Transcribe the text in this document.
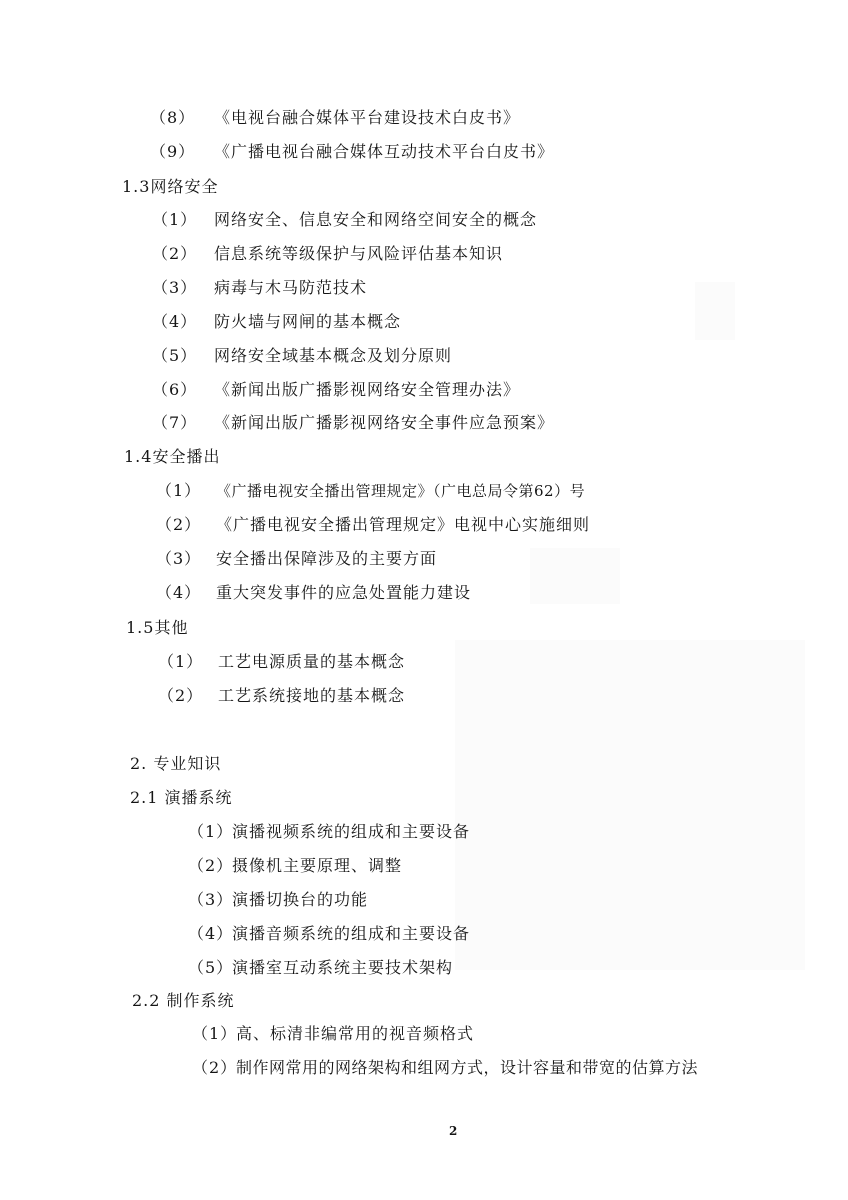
（8） 《电视台融合媒体平台建设技术白皮书》
（9） 《广播电视台融合媒体互动技术平台白皮书》
1.3网络安全
（1） 网络安全、信息安全和网络空间安全的概念
（2） 信息系统等级保护与风险评估基本知识
（3） 病毒与木马防范技术
（4） 防火墙与网闸的基本概念
（5） 网络安全域基本概念及划分原则
（6） 《新闻出版广播影视网络安全管理办法》
（7） 《新闻出版广播影视网络安全事件应急预案》
1.4安全播出
（1） 《广播电视安全播出管理规定》（广电总局令第62）号
（2） 《广播电视安全播出管理规定》电视中心实施细则
（3） 安全播出保障涉及的主要方面
（4） 重大突发事件的应急处置能力建设
1.5其他
（1） 工艺电源质量的基本概念
（2） 工艺系统接地的基本概念
2. 专业知识
2.1 演播系统
（1）演播视频系统的组成和主要设备
（2）摄像机主要原理、调整
（3）演播切换台的功能
（4）演播音频系统的组成和主要设备
（5）演播室互动系统主要技术架构
2.2 制作系统
（1）高、标清非编常用的视音频格式
（2）制作网常用的网络架构和组网方式，设计容量和带宽的估算方法
2
